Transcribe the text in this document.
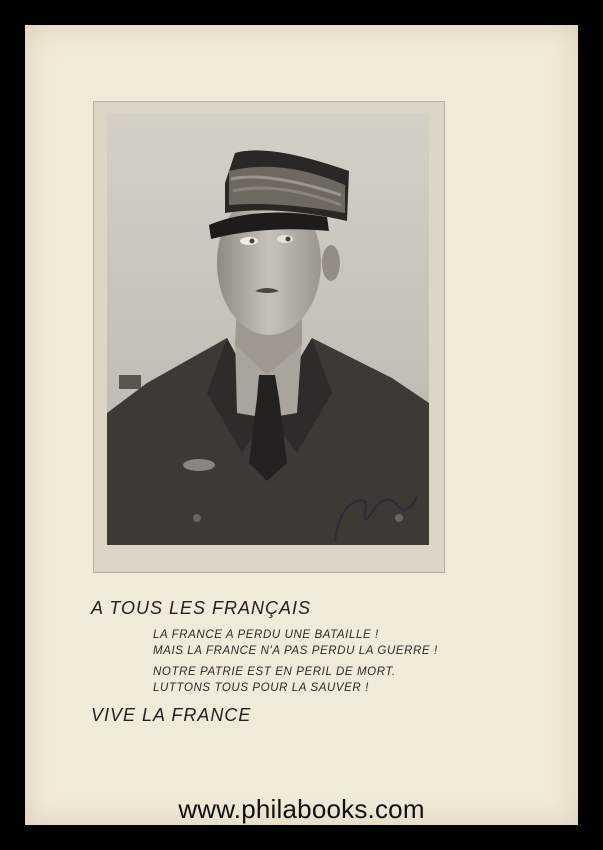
A TOUS LES FRANÇAIS
LA FRANCE A PERDU UNE BATAILLE !
MAIS LA FRANCE N'A PAS PERDU LA GUERRE !
NOTRE PATRIE EST EN PERIL DE MORT.
LUTTONS TOUS POUR LA SAUVER !
VIVE LA FRANCE
www.philabooks.com
